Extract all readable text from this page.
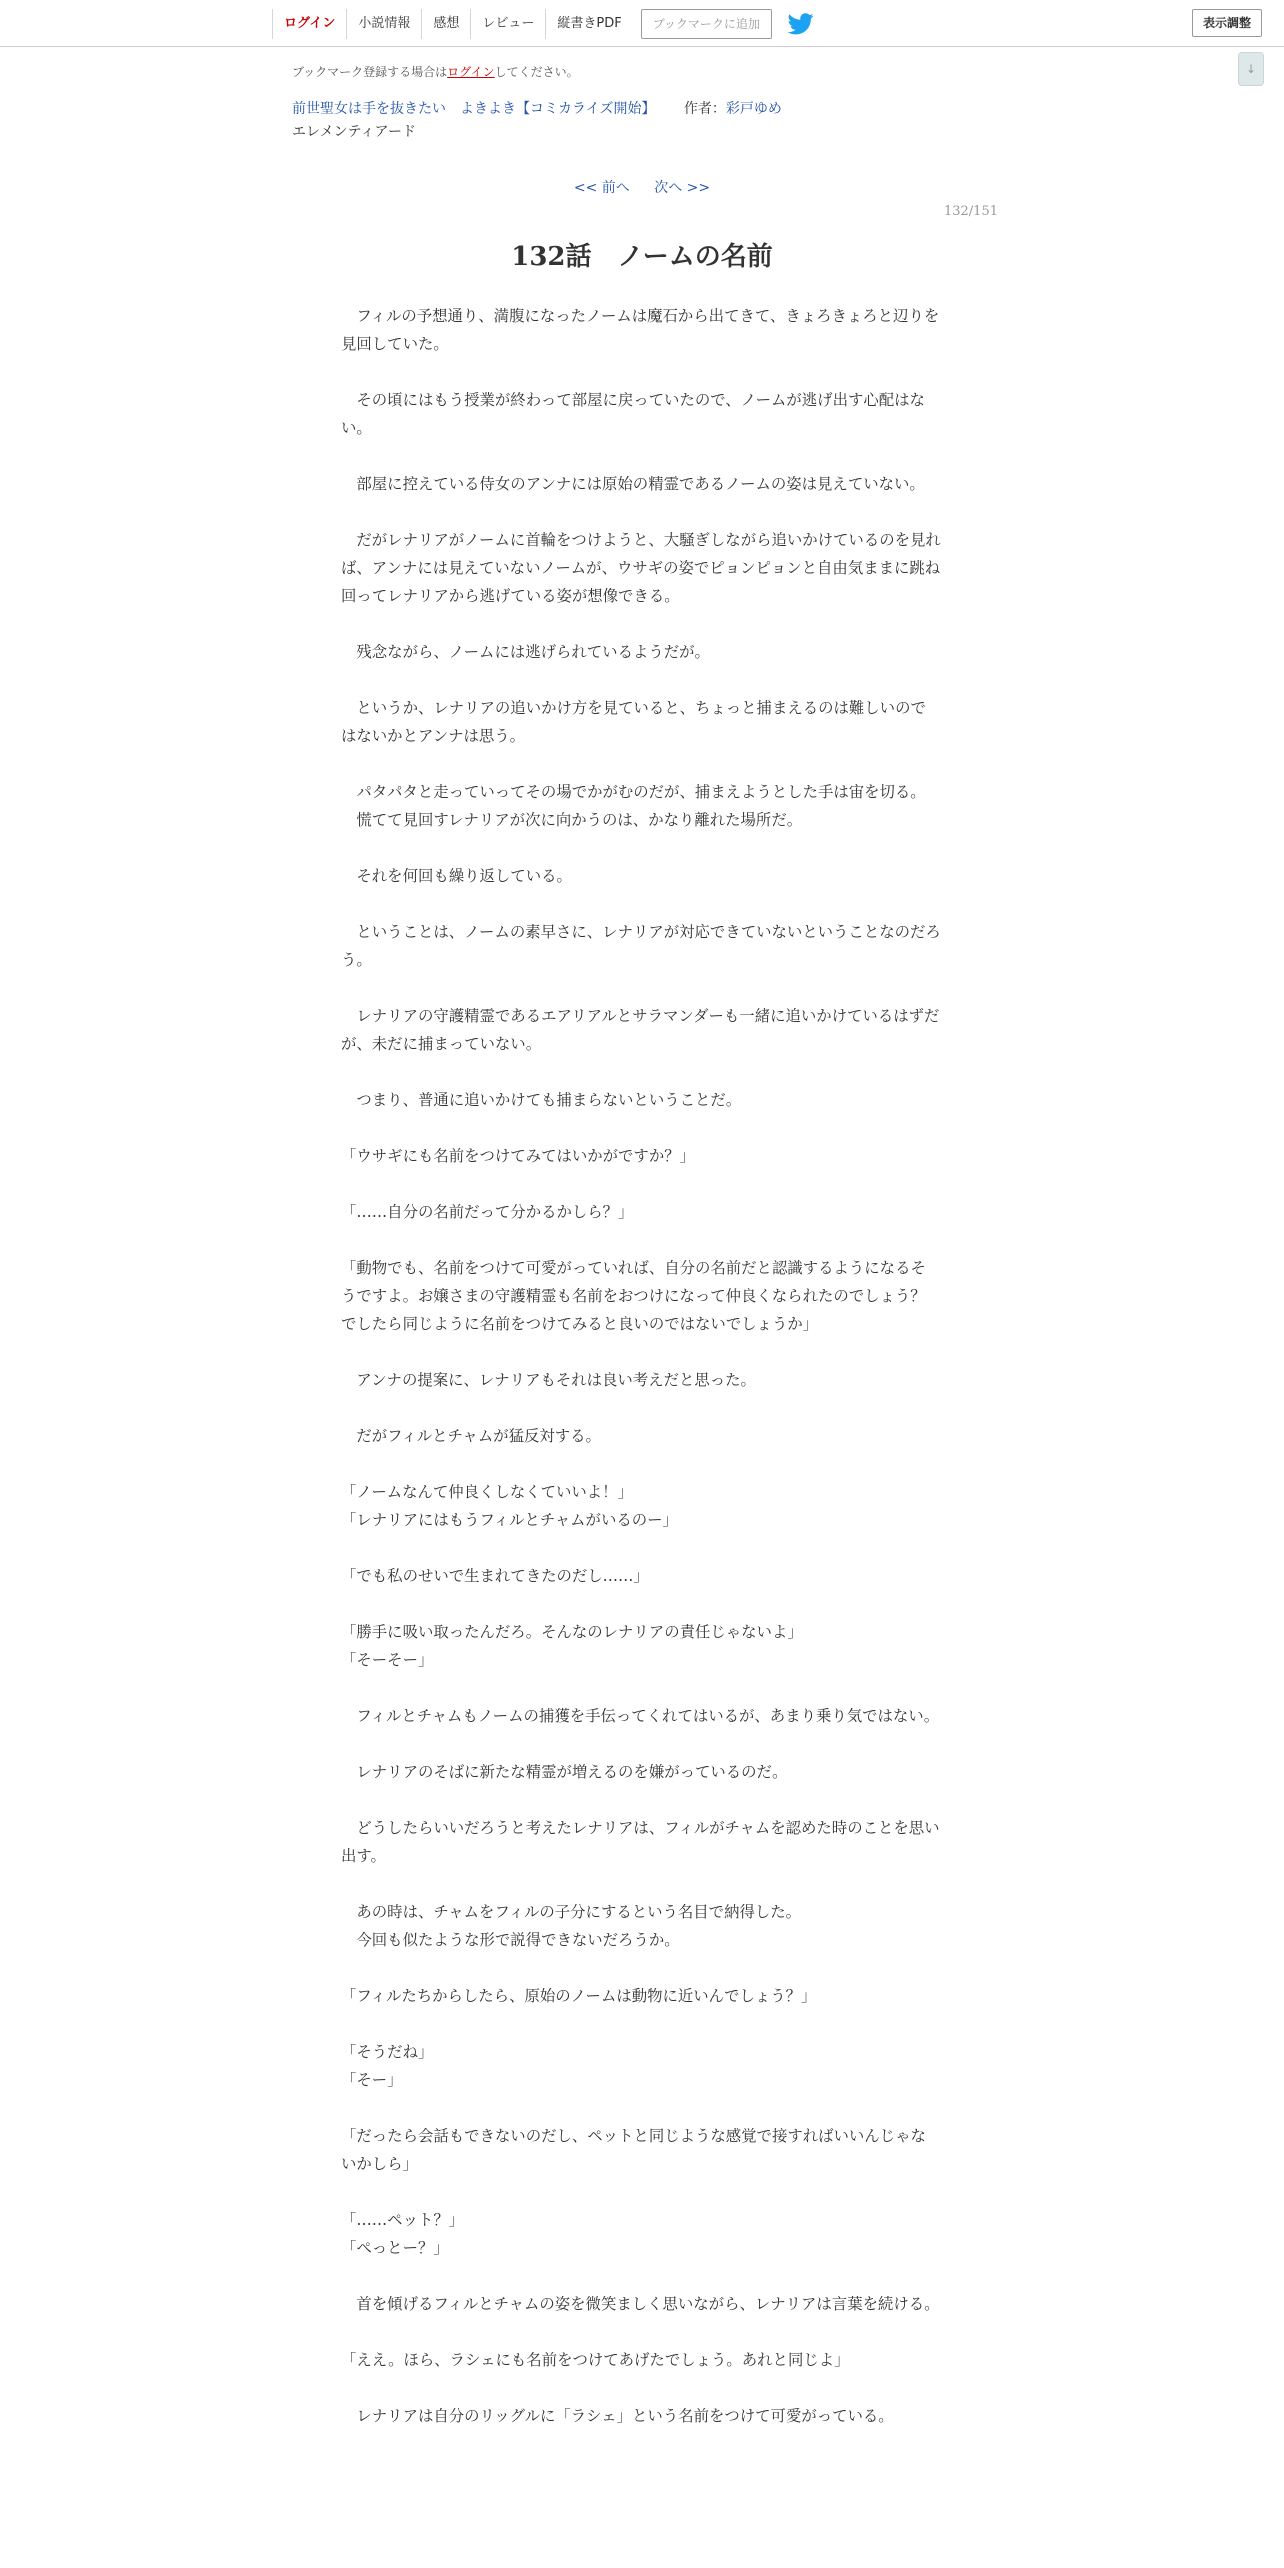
ログイン	小説情報	感想	レビュー	縦書きPDF	ブックマークに追加	表示調整
↓
ブックマーク登録する場合はログインしてください。
前世聖女は手を抜きたい　よきよき【コミカライズ開始】 作者：彩戸ゆめ
エレメンティアード
<< 前へ 次へ >>
132/151
132話　ノームの名前

　フィルの予想通り、満腹になったノームは魔石から出てきて、きょろきょろと辺りを見回していた。

　その頃にはもう授業が終わって部屋に戻っていたので、ノームが逃げ出す心配はない。

　部屋に控えている侍女のアンナには原始の精霊であるノームの姿は見えていない。

　だがレナリアがノームに首輪をつけようと、大騒ぎしながら追いかけているのを見れば、アンナには見えていないノームが、ウサギの姿でピョンピョンと自由気ままに跳ね回ってレナリアから逃げている姿が想像できる。

　残念ながら、ノームには逃げられているようだが。

　というか、レナリアの追いかけ方を見ていると、ちょっと捕まえるのは難しいのではないかとアンナは思う。

　パタパタと走っていってその場でかがむのだが、捕まえようとした手は宙を切る。

　慌てて見回すレナリアが次に向かうのは、かなり離れた場所だ。

　それを何回も繰り返している。

　ということは、ノームの素早さに、レナリアが対応できていないということなのだろう。

　レナリアの守護精霊であるエアリアルとサラマンダーも一緒に追いかけているはずだが、未だに捕まっていない。

　つまり、普通に追いかけても捕まらないということだ。

「ウサギにも名前をつけてみてはいかがですか？」

「……自分の名前だって分かるかしら？」

「動物でも、名前をつけて可愛がっていれば、自分の名前だと認識するようになるそうですよ。お嬢さまの守護精霊も名前をおつけになって仲良くなられたのでしょう？　でしたら同じように名前をつけてみると良いのではないでしょうか」

　アンナの提案に、レナリアもそれは良い考えだと思った。

　だがフィルとチャムが猛反対する。

「ノームなんて仲良くしなくていいよ！」

「レナリアにはもうフィルとチャムがいるのー」

「でも私のせいで生まれてきたのだし……」

「勝手に吸い取ったんだろ。そんなのレナリアの責任じゃないよ」

「そーそー」

　フィルとチャムもノームの捕獲を手伝ってくれてはいるが、あまり乗り気ではない。

　レナリアのそばに新たな精霊が増えるのを嫌がっているのだ。

　どうしたらいいだろうと考えたレナリアは、フィルがチャムを認めた時のことを思い出す。

　あの時は、チャムをフィルの子分にするという名目で納得した。

　今回も似たような形で説得できないだろうか。

「フィルたちからしたら、原始のノームは動物に近いんでしょう？」

「そうだね」

「そー」

「だったら会話もできないのだし、ペットと同じような感覚で接すればいいんじゃないかしら」

「……ペット？」

「ぺっとー？」

　首を傾げるフィルとチャムの姿を微笑ましく思いながら、レナリアは言葉を続ける。

「ええ。ほら、ラシェにも名前をつけてあげたでしょう。あれと同じよ」

　レナリアは自分のリッグルに「ラシェ」という名前をつけて可愛がっている。
